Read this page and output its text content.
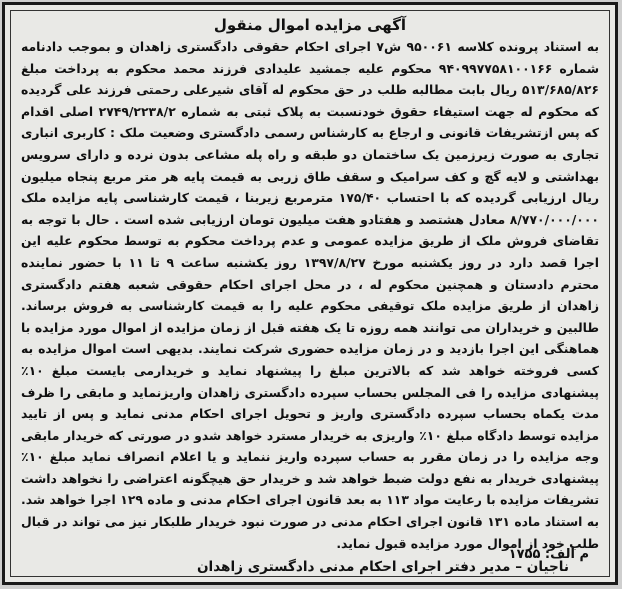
آگهی مزایده اموال منقول
به استناد پرونده کلاسه ۹۵۰۰۶۱ ش۷ اجرای احکام حقوقی دادگستری زاهدان و بموجب دادنامه شماره ۹۴۰۹۹۷۷۵۸۱۰۰۱۶۶ محکوم علیه جمشید علیدادی فرزند محمد محکوم به پرداخت مبلغ ۵۱۳/۶۸۵/۸۲۶ ریال بابت مطالبه طلب در حق محکوم له آقای شیرعلی رحمتی فرزند علی گردیده که محکوم له جهت استیفاء حقوق خودنسبت به پلاک ثبتی به شماره ۲۷۴۹/۲۲۳۸/۲ اصلی اقدام که پس ازتشریفات قانونی و ارجاع به کارشناس رسمی دادگستری وضعیت ملک : کاربری انباری تجاری به صورت زیرزمین یک ساختمان دو طبقه و راه پله مشاعی بدون نرده و دارای سرویس بهداشتی و لایه گچ و کف سرامیک و سقف طاق زربی به قیمت پایه هر متر مربع پنجاه میلیون ریال ارزیابی گردیده که با احتساب ۱۷۵/۴۰ مترمربع زیربنا ، قیمت کارشناسی پایه مزایده ملک ۸/۷۷۰/۰۰۰/۰۰۰ معادل هشتصد و هفتادو هفت میلیون تومان ارزیابی شده است . حال با توجه به تقاضای فروش ملک از طریق مزایده عمومی و عدم پرداخت محکوم به توسط محکوم علیه این اجرا قصد دارد در روز یکشنبه مورخ ۱۳۹۷/۸/۲۷ روز یکشنبه ساعت ۹ تا ۱۱ با حضور نماینده محترم دادستان و همچنین محکوم له ، در محل اجرای احکام حقوقی شعبه هفتم دادگستری زاهدان از طریق مزایده ملک توقیفی محکوم علیه را به قیمت کارشناسی به فروش برساند. طالبین و خریداران می توانند همه روزه تا یک هفته قبل از زمان مزایده از اموال مورد مزایده با هماهنگی این اجرا بازدید و در زمان مزایده حضوری شرکت نمایند. بدیهی است اموال مزایده به کسی فروخته خواهد شد که بالاترین مبلغ را پیشنهاد نماید و خریدارمی بایست مبلغ ۱۰٪ پیشنهادی مزایده را فی المجلس بحساب سپرده دادگستری زاهدان واریزنماید و مابقی را ظرف مدت یکماه بحساب سپرده دادگستری واریز و تحویل اجرای احکام مدنی نماید و پس از تایید مزایده توسط دادگاه مبلغ ۱۰٪ واریزی به خریدار مسترد خواهد شدو در صورتی که خریدار مابقی وجه مزایده را در زمان مقرر به حساب سپرده واریز ننماید و یا اعلام انصراف نماید مبلغ ۱۰٪ پیشنهادی خریدار به نفع دولت ضبط خواهد شد و خریدار حق هیچگونه اعتراضی را نخواهد داشت تشریفات مزایده با رعایت مواد ۱۱۳ به بعد قانون اجرای احکام مدنی و ماده ۱۲۹ اجرا خواهد شد. به استناد ماده ۱۳۱ قانون اجرای احکام مدنی در صورت نبود خریدار طلبکار نیز می تواند در قبال طلب خود از اموال مورد مزایده قبول نماید.
ناجیان – مدیر دفتر اجرای احکام مدنی دادگستری زاهدان
م الف: ۱۷۵۵
